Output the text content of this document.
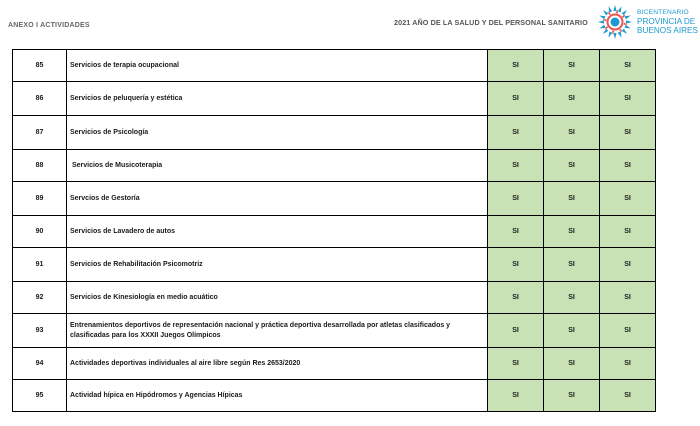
ANEXO I ACTIVIDADES	2021 AÑO DE LA SALUD Y DEL PERSONAL SANITARIO
BICENTENARIO
PROVINCIA DE
BUENOS AIRES
85	Servicios de terapia ocupacional	SI	SI	SI
86	Servicios de peluquería y estética	SI	SI	SI
87	Servicios de Psicología	SI	SI	SI
88	Servicios de Musicoterapia	SI	SI	SI
89	Servcios de Gestoría	SI	SI	SI
90	Servicios de Lavadero de autos	SI	SI	SI
91	Servicios de Rehabilitación Psicomotriz	SI	SI	SI
92	Servicios de Kinesiología en medio acuático	SI	SI	SI
93	Entrenamientos deportivos de representación nacional y práctica deportiva desarrollada por atletas clasificados y clasificadas para los XXXII Juegos Olímpicos	SI	SI	SI
94	Actividades deportivas individuales al aire libre según Res 2653/2020	SI	SI	SI
95	Actividad hípica en Hipódromos y Agencias Hípicas	SI	SI	SI
